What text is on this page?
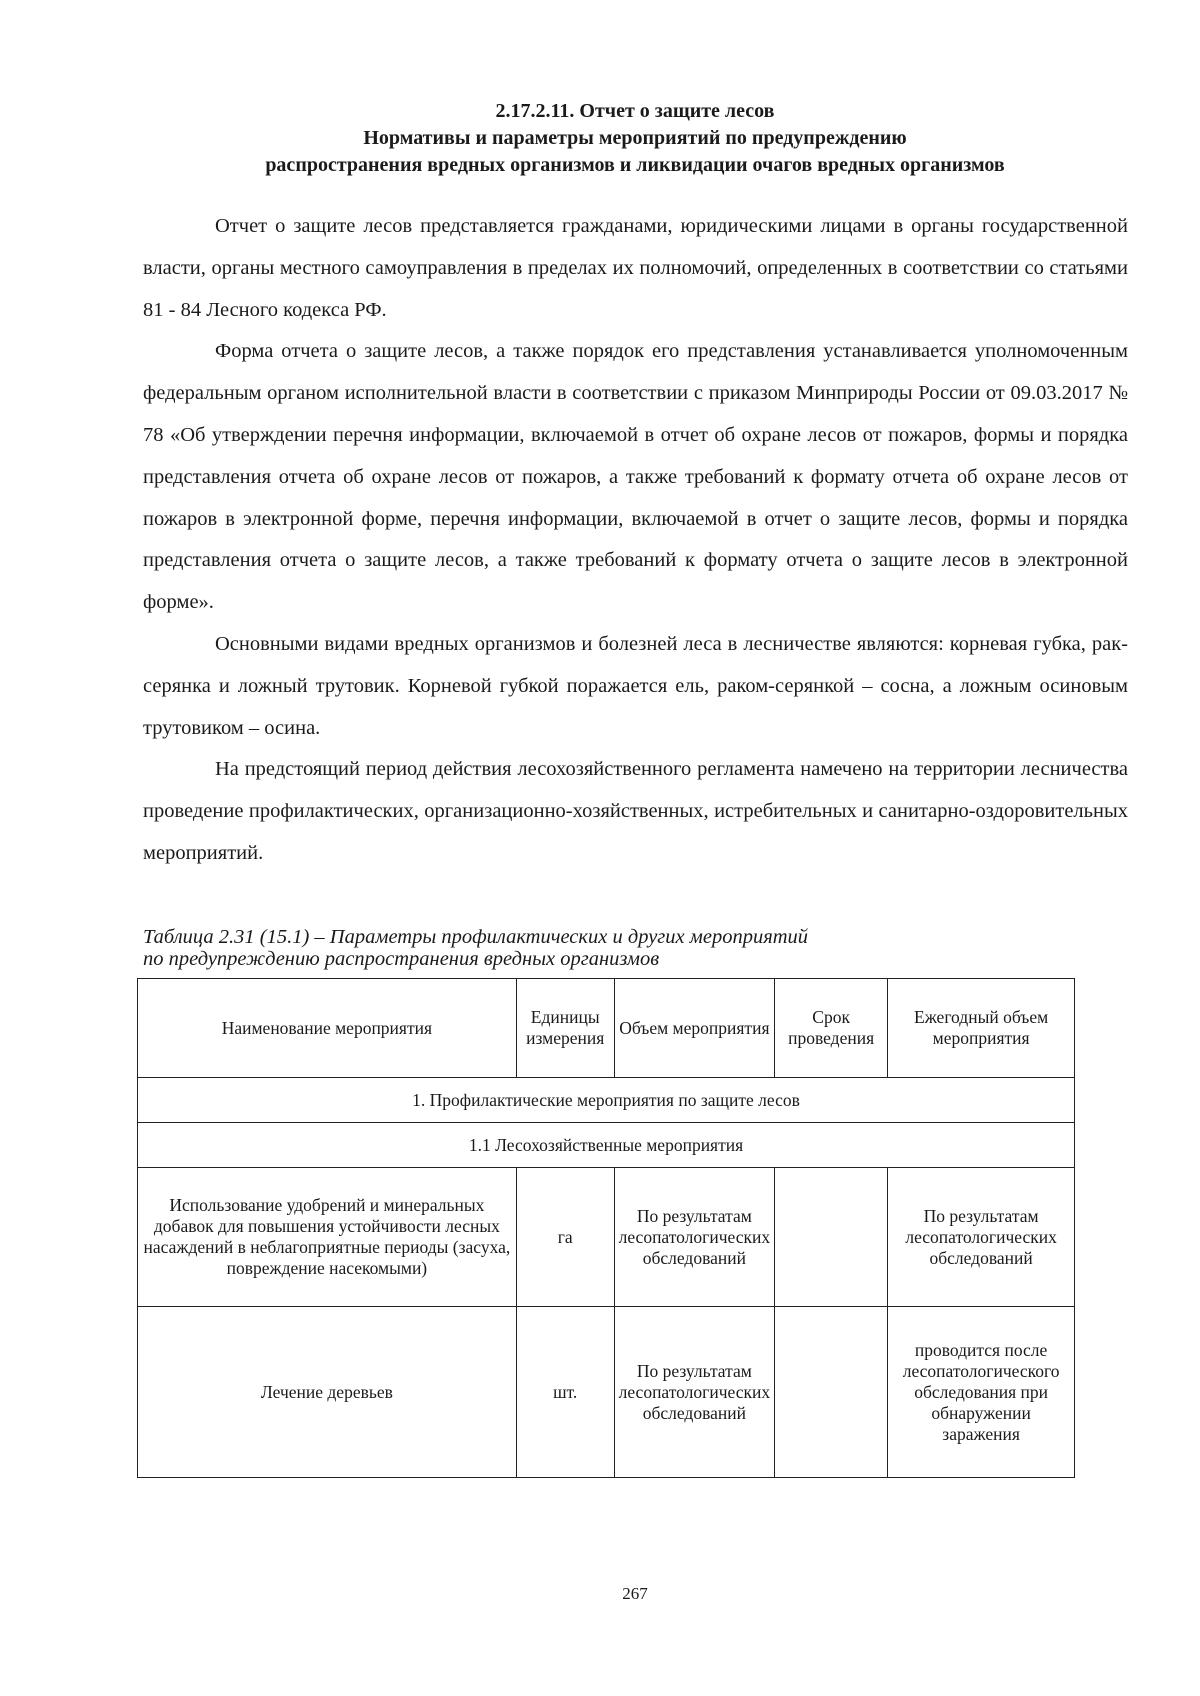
2.17.2.11. Отчет о защите лесов
Нормативы и параметры мероприятий по предупреждению
распространения вредных организмов и ликвидации очагов вредных организмов

Отчет о защите лесов представляется гражданами, юридическими лицами в органы государственной власти, органы местного самоуправления в пределах их полномочий, определенных в соответствии со статьями 81 - 84 Лесного кодекса РФ.

Форма отчета о защите лесов, а также порядок его представления устанавливается уполномоченным федеральным органом исполнительной власти в соответствии с приказом Минприроды России от 09.03.2017 № 78 «Об утверждении перечня информации, включаемой в отчет об охране лесов от пожаров, формы и порядка представления отчета об охране лесов от пожаров, а также требований к формату отчета об охране лесов от пожаров в электронной форме, перечня информации, включаемой в отчет о защите лесов, формы и порядка представления отчета о защите лесов, а также требований к формату отчета о защите лесов в электронной форме».

Основными видами вредных организмов и болезней леса в лесничестве являются: корневая губка, рак-серянка и ложный трутовик. Корневой губкой поражается ель, раком-серянкой – сосна, а ложным осиновым трутовиком – осина.

На предстоящий период действия лесохозяйственного регламента намечено на территории лесничества проведение профилактических, организационно-хозяйственных, истребительных и санитарно-оздоровительных мероприятий.

Таблица 2.31 (15.1) – Параметры профилактических и других мероприятий
по предупреждению распространения вредных организмов
Наименование мероприятия	Единицы измерения	Объем мероприятия	Срок проведения	Ежегодный объем мероприятия
1. Профилактические мероприятия по защите лесов				
1.1 Лесохозяйственные мероприятия				
Использование удобрений и минеральных добавок для повышения устойчивости лесных насаждений в неблагоприятные периоды (засуха, повреждение насекомыми)	га	По результатам лесопатологических обследований		По результатам лесопатологических обследований
Лечение деревьев	шт.	По результатам лесопатологических обследований		проводится после лесопатологического обследования при обнаружении заражения
267
